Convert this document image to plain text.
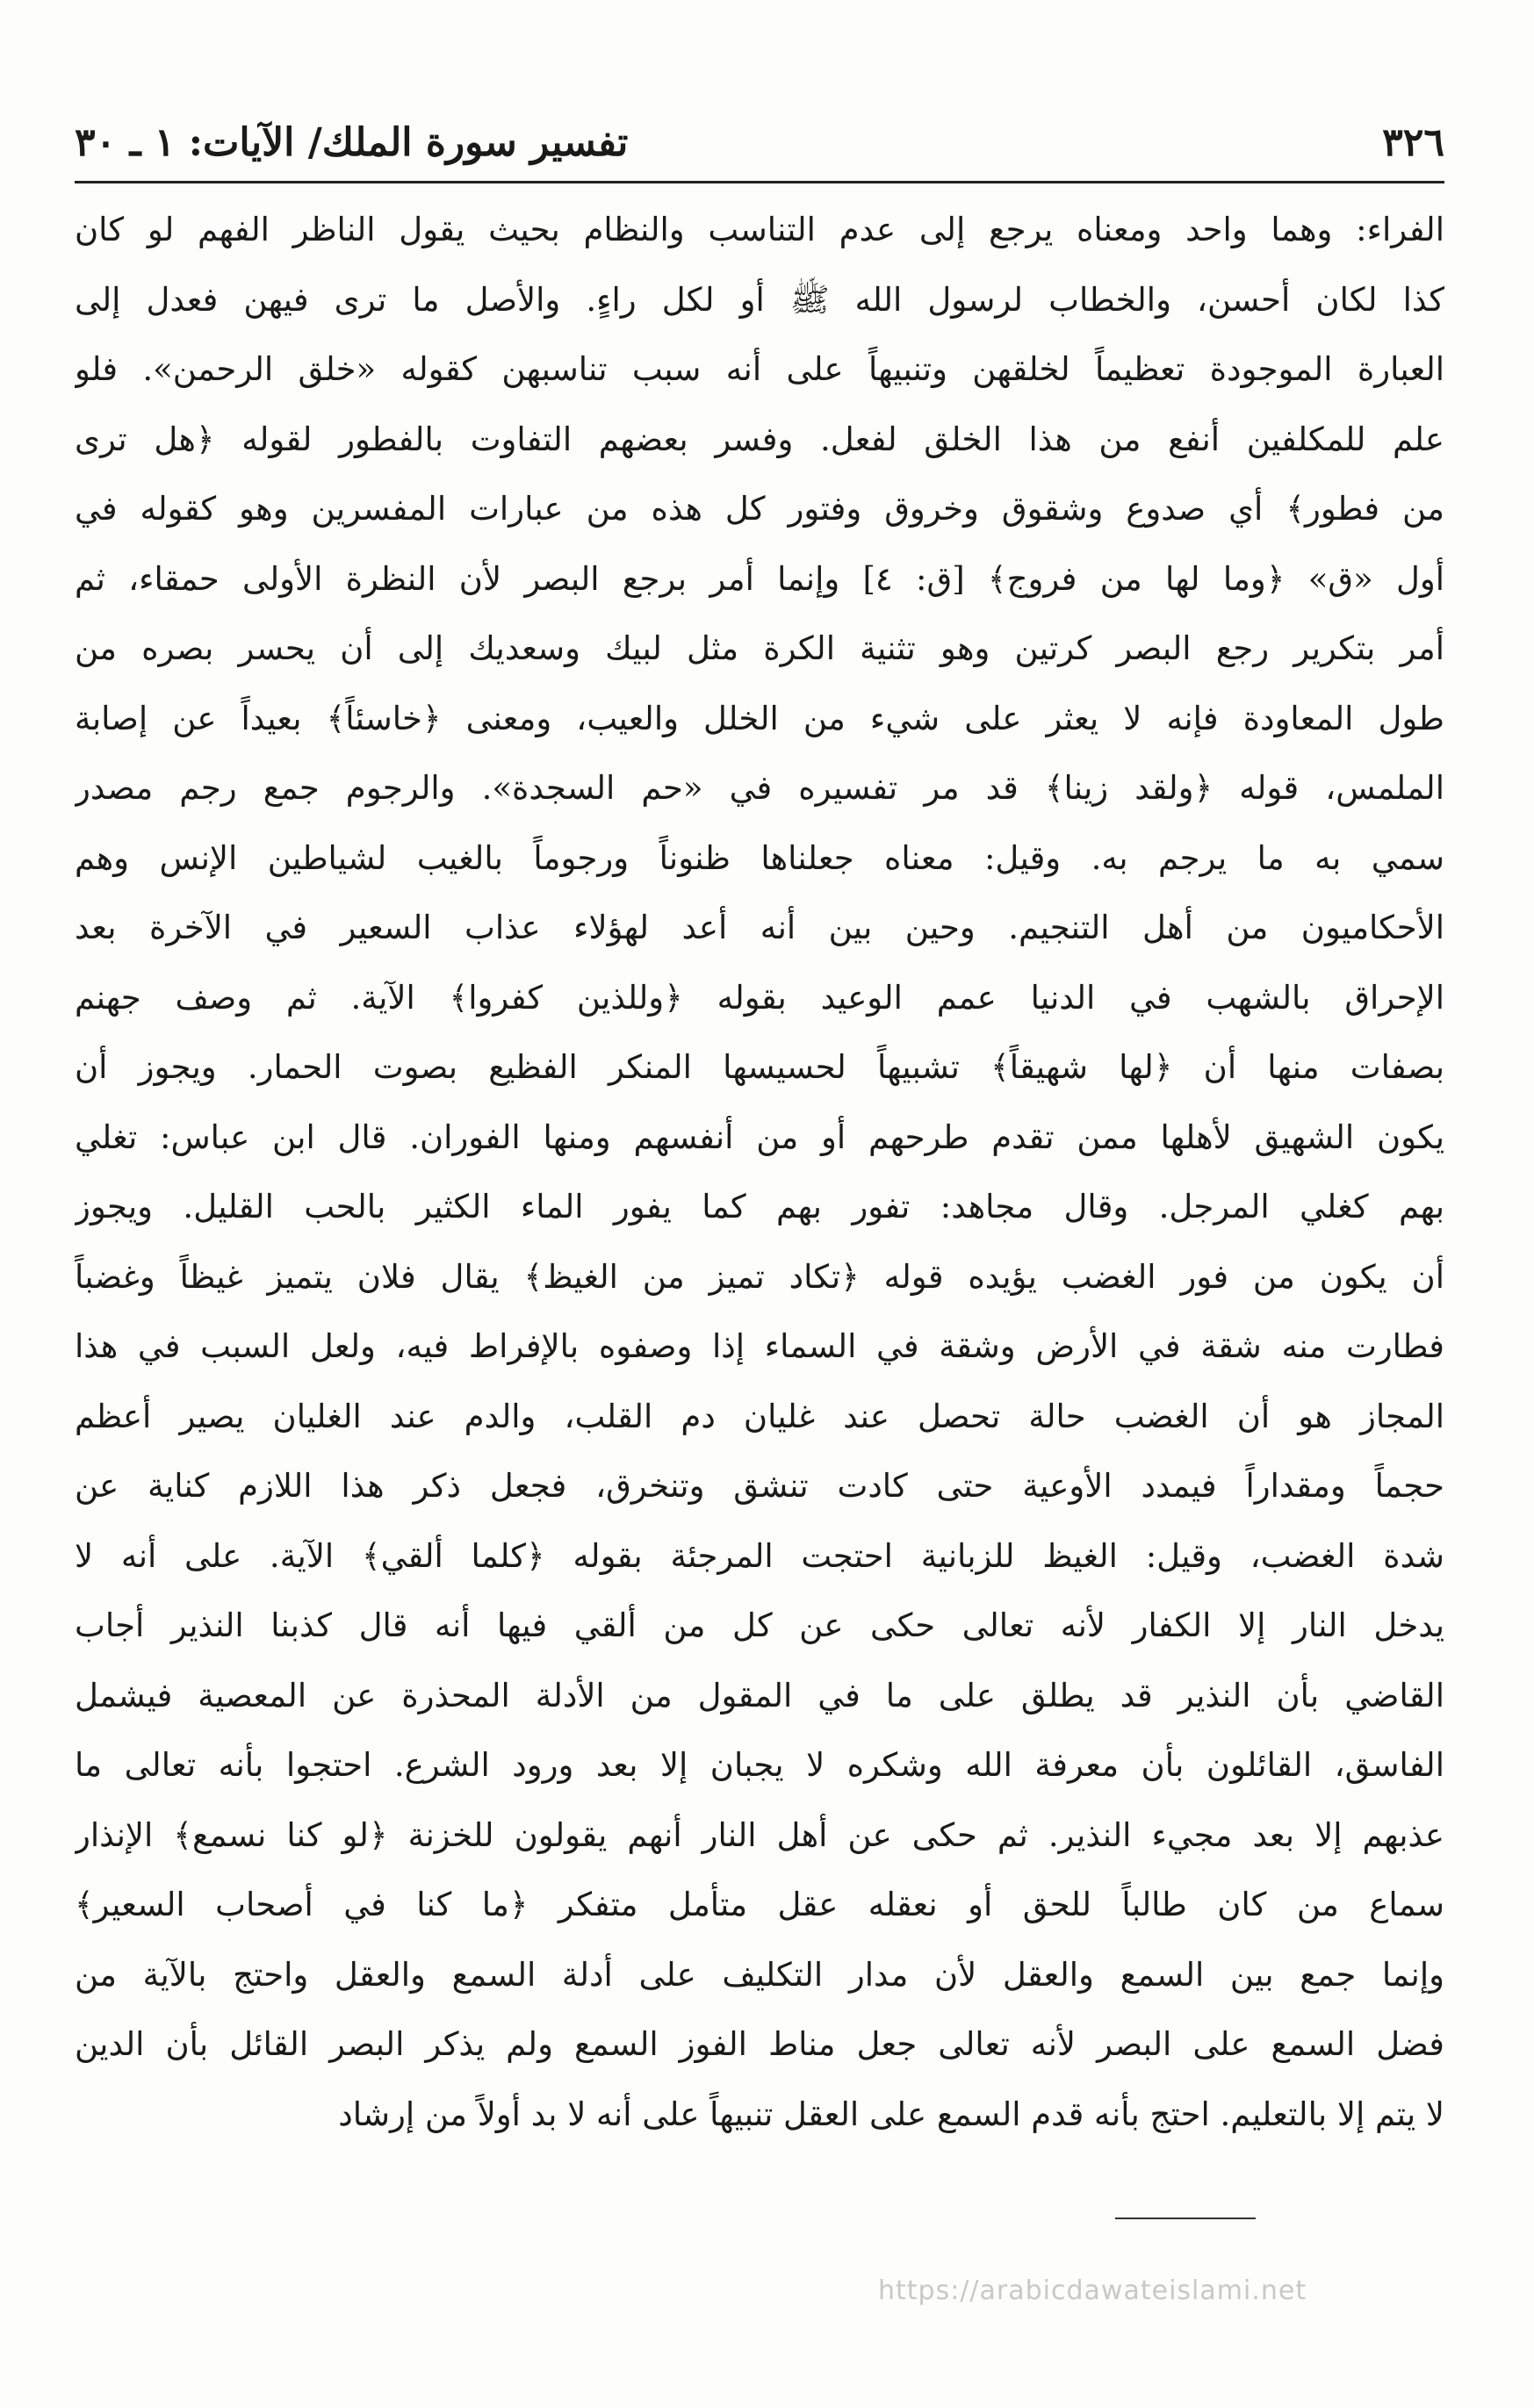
٣٢٦
تفسير سورة الملك/ الآيات: ١ ـ ٣٠
الفراء: وهما واحد ومعناه يرجع إلى عدم التناسب والنظام بحيث يقول الناظر الفهم لو كان
كذا لكان أحسن، والخطاب لرسول الله ﷺ أو لكل راءٍ. والأصل ما ترى فيهن فعدل إلى
العبارة الموجودة تعظيماً لخلقهن وتنبيهاً على أنه سبب تناسبهن كقوله «خلق الرحمن». فلو
علم للمكلفين أنفع من هذا الخلق لفعل. وفسر بعضهم التفاوت بالفطور لقوله ﴿هل ترى
من فطور﴾ أي صدوع وشقوق وخروق وفتور كل هذه من عبارات المفسرين وهو كقوله في
أول «ق» ﴿وما لها من فروج﴾ [ق: ٤] وإنما أمر برجع البصر لأن النظرة الأولى حمقاء، ثم
أمر بتكرير رجع البصر كرتين وهو تثنية الكرة مثل لبيك وسعديك إلى أن يحسر بصره من
طول المعاودة فإنه لا يعثر على شيء من الخلل والعيب، ومعنى ﴿خاسئاً﴾ بعيداً عن إصابة
الملمس، قوله ﴿ولقد زينا﴾ قد مر تفسيره في «حم السجدة». والرجوم جمع رجم مصدر
سمي به ما يرجم به. وقيل: معناه جعلناها ظنوناً ورجوماً بالغيب لشياطين الإنس وهم
الأحكاميون من أهل التنجيم. وحين بين أنه أعد لهؤلاء عذاب السعير في الآخرة بعد
الإحراق بالشهب في الدنيا عمم الوعيد بقوله ﴿وللذين كفروا﴾ الآية. ثم وصف جهنم
بصفات منها أن ﴿لها شهيقاً﴾ تشبيهاً لحسيسها المنكر الفظيع بصوت الحمار. ويجوز أن
يكون الشهيق لأهلها ممن تقدم طرحهم أو من أنفسهم ومنها الفوران. قال ابن عباس: تغلي
بهم كغلي المرجل. وقال مجاهد: تفور بهم كما يفور الماء الكثير بالحب القليل. ويجوز
أن يكون من فور الغضب يؤيده قوله ﴿تكاد تميز من الغيظ﴾ يقال فلان يتميز غيظاً وغضباً
فطارت منه شقة في الأرض وشقة في السماء إذا وصفوه بالإفراط فيه، ولعل السبب في هذا
المجاز هو أن الغضب حالة تحصل عند غليان دم القلب، والدم عند الغليان يصير أعظم
حجماً ومقداراً فيمدد الأوعية حتى كادت تنشق وتنخرق، فجعل ذكر هذا اللازم كناية عن
شدة الغضب، وقيل: الغيظ للزبانية احتجت المرجئة بقوله ﴿كلما ألقي﴾ الآية. على أنه لا
يدخل النار إلا الكفار لأنه تعالى حكى عن كل من ألقي فيها أنه قال كذبنا النذير أجاب
القاضي بأن النذير قد يطلق على ما في المقول من الأدلة المحذرة عن المعصية فيشمل
الفاسق، القائلون بأن معرفة الله وشكره لا يجبان إلا بعد ورود الشرع. احتجوا بأنه تعالى ما
عذبهم إلا بعد مجيء النذير. ثم حكى عن أهل النار أنهم يقولون للخزنة ﴿لو كنا نسمع﴾ الإنذار
سماع من كان طالباً للحق أو نعقله عقل متأمل متفكر ﴿ما كنا في أصحاب السعير﴾
وإنما جمع بين السمع والعقل لأن مدار التكليف على أدلة السمع والعقل واحتج بالآية من
فضل السمع على البصر لأنه تعالى جعل مناط الفوز السمع ولم يذكر البصر القائل بأن الدين
لا يتم إلا بالتعليم. احتج بأنه قدم السمع على العقل تنبيهاً على أنه لا بد أولاً من إرشاد
https://arabicdawateislami.net
